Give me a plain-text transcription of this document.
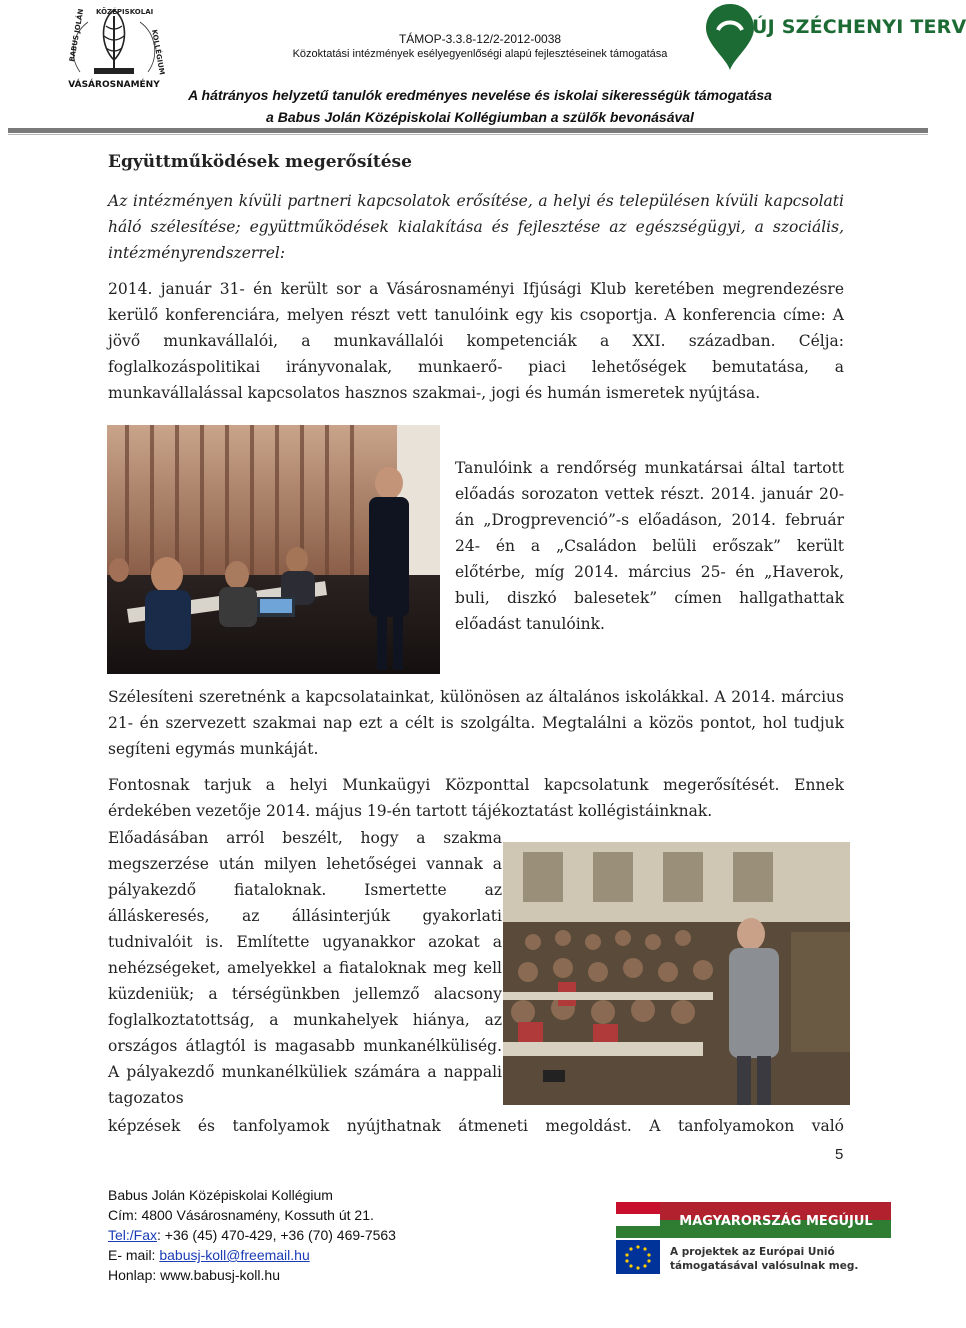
BABUS JOLÁN KÖZÉPISKOLAI
KOLLÉGIUM
VÁSÁROSNAMÉNY
TÁMOP-3.3.8-12/2-2012-0038
Közoktatási intézmények esélyegyenlőségi alapú fejlesztéseinek támogatása
A hátrányos helyzetű tanulók eredményes nevelése és iskolai sikerességük támogatása
a Babus Jolán Középiskolai Kollégiumban a szülők bevonásával
ÚJ SZÉCHENYI TERV
Együttműködések megerősítése
Az intézményen kívüli partneri kapcsolatok erősítése, a helyi és településen kívüli kapcsolati háló szélesítése; együttműködések kialakítása és fejlesztése az egészségügyi, a szociális, intézményrendszerrel:
2014. január 31- én került sor a Vásárosnaményi Ifjúsági Klub keretében megrendezésre kerülő konferenciára, melyen részt vett tanulóink egy kis csoportja. A konferencia címe: A jövő munkavállalói, a munkavállalói kompetenciák a XXI. században. Célja: foglalkozáspolitikai irányvonalak, munkaerő- piaci lehetőségek bemutatása, a munkavállalással kapcsolatos hasznos szakmai-, jogi és humán ismeretek nyújtása.
Tanulóink a rendőrség munkatársai által tartott előadás sorozaton vettek részt. 2014. január 20-án „Drogprevenció”-s előadáson, 2014. február 24- én a „Családon belüli erőszak” került előtérbe, míg 2014. március 25- én „Haverok, buli, diszkó balesetek” címen hallgathattak előadást tanulóink.
Szélesíteni szeretnénk a kapcsolatainkat, különösen az általános iskolákkal. A 2014. március 21- én szervezett szakmai nap ezt a célt is szolgálta. Megtalálni a közös pontot, hol tudjuk segíteni egymás munkáját.
Fontosnak tarjuk a helyi Munkaügyi Központtal kapcsolatunk megerősítését. Ennek érdekében vezetője 2014. május 19-én tartott tájékoztatást kollégistáinknak.
Előadásában arról beszélt, hogy a szakma megszerzése után milyen lehetőségei vannak a pályakezdő fiataloknak. Ismertette az álláskeresés, az állásinterjúk gyakorlati tudnivalóit is. Említette ugyanakkor azokat a nehézségeket, amelyekkel a fiataloknak meg kell küzdeniük; a térségünkben jellemző alacsony foglalkoztatottság, a munkahelyek hiánya, az országos átlagtól is magasabb munkanélküliség. A pályakezdő munkanélküliek számára a nappali tagozatos
képzések és tanfolyamok nyújthatnak átmeneti megoldást. A tanfolyamokon való
5
Babus Jolán Középiskolai Kollégium
Cím: 4800 Vásárosnamény, Kossuth út 21.
Tel:/Fax: +36 (45) 470-429, +36 (70) 469-7563
E- mail: babusj-koll@freemail.hu
Honlap: www.babusj-koll.hu
MAGYARORSZÁG MEGÚJUL
A projektek az Európai Unió
támogatásával valósulnak meg.
